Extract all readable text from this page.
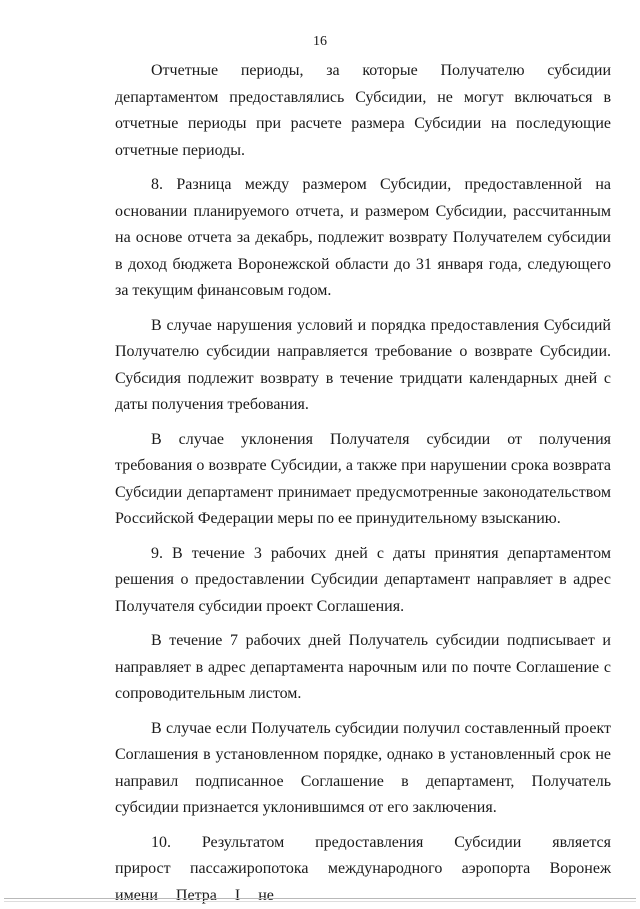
16

Отчетные периоды, за которые Получателю субсидии департаментом предоставлялись Субсидии, не могут включаться в отчетные периоды при расчете размера Субсидии на последующие отчетные периоды.

8. Разница между размером Субсидии, предоставленной на основании планируемого отчета, и размером Субсидии, рассчитанным на основе отчета за декабрь, подлежит возврату Получателем субсидии в доход бюджета Воронежской области до 31 января года, следующего за текущим финансовым годом.

В случае нарушения условий и порядка предоставления Субсидий Получателю субсидии направляется требование о возврате Субсидии. Субсидия подлежит возврату в течение тридцати календарных дней с даты получения требования.

В случае уклонения Получателя субсидии от получения требования о возврате Субсидии, а также при нарушении срока возврата Субсидии департамент принимает предусмотренные законодательством Российской Федерации меры по ее принудительному взысканию.

9. В течение 3 рабочих дней с даты принятия департаментом решения о предоставлении Субсидии департамент направляет в адрес Получателя субсидии проект Соглашения.

В течение 7 рабочих дней Получатель субсидии подписывает и направляет в адрес департамента нарочным или по почте Соглашение с сопроводительным листом.

В случае если Получатель субсидии получил составленный проект Соглашения в установленном порядке, однако в установленный срок не направил подписанное Соглашение в департамент, Получатель субсидии признается уклонившимся от его заключения.

10. Результатом предоставления Субсидии является прирост пассажиропотока международного аэропорта Воронеж имени Петра I не
